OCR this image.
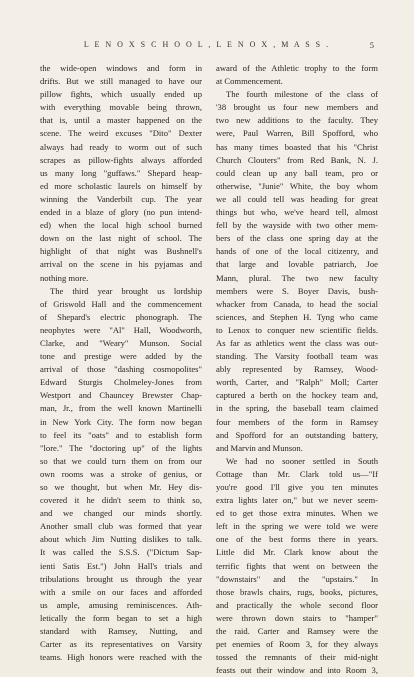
L E N O X S C H O O L , L E N O X , M A S S .	5
the wide-open windows and form in
drifts. But we still managed to have our
pillow fights, which usually ended up
with everything movable being thrown,
that is, until a master happened on the
scene. The weird excuses "Dito" Dexter
always had ready to worm out of such
scrapes as pillow-fights always afforded
us many long "guffaws." Shepard heap-
ed more scholastic laurels on himself by
winning the Vanderbilt cup. The year
ended in a blaze of glory (no pun intend-
ed) when the local high school burned
down on the last night of school. The
highlight of that night was Bushnell's
arrival on the scene in his pyjamas and
nothing more.
The third year brought us lordship
of Griswold Hall and the commencement
of Shepard's electric phonograph. The
neophytes were "Al" Hall, Woodworth,
Clarke, and "Weary" Munson. Social
tone and prestige were added by the
arrival of those "dashing cosmopolites"
Edward Sturgis Cholmeley-Jones from
Westport and Chauncey Brewster Chap-
man, Jr., from the well known Martinelli
in New York City. The form now began
to feel its "oats" and to establish form
"lore." The "doctoring up" of the lights
so that we could turn them on from our
own rooms was a stroke of genius, or
so we thought, but when Mr. Hey dis-
covered it he didn't seem to think so,
and we changed our minds shortly.
Another small club was formed that year
about which Jim Nutting dislikes to talk.
It was called the S.S.S. ("Dictum Sap-
ienti Satis Est.") John Hall's trials and
tribulations brought us through the year
with a smile on our faces and afforded
us ample, amusing reminiscences. Ath-
letically the form began to set a high
standard with Ramsey, Nutting, and
Carter as its representatives on Varsity
teams. High honors were reached with the
award of the Athletic trophy to the form
at Commencement.
The fourth milestone of the class of
'38 brought us four new members and
two new additions to the faculty. They
were, Paul Warren, Bill Spofford, who
has many times boasted that his "Christ
Church Clouters" from Red Bank, N. J.
could clean up any ball team, pro or
otherwise, "Junie" White, the boy whom
we all could tell was heading for great
things but who, we've heard tell, almost
fell by the wayside with two other mem-
bers of the class one spring day at the
hands of one of the local citizenry, and
that large and lovable patriarch, Joe
Mann, plural. The two new faculty
members were S. Boyer Davis, bush-
whacker from Canada, to head the social
sciences, and Stephen H. Tyng who came
to Lenox to conquer new scientific fields.
As far as athletics went the class was out-
standing. The Varsity football team was
ably represented by Ramsey, Wood-
worth, Carter, and "Ralph" Moll; Carter
captured a berth on the hockey team and,
in the spring, the baseball team claimed
four members of the form in Ramsey
and Spofford for an outstanding battery,
and Marvin and Munson.
We had no sooner settled in South
Cottage than Mr. Clark told us—"If
you're good I'll give you ten minutes
extra lights later on," but we never seem-
ed to get those extra minutes. When we
left in the spring we were told we were
one of the best forms there in years.
Little did Mr. Clark know about the
terrific fights that went on between the
"downstairs" and the "upstairs." In
those brawls chairs, rugs, books, pictures,
and practically the whole second floor
were thrown down stairs to "hamper"
the raid. Carter and Ramsey were the
pet enemies of Room 3, for they always
tossed the remnants of their mid-night
feasts out their window and into Room 3,
